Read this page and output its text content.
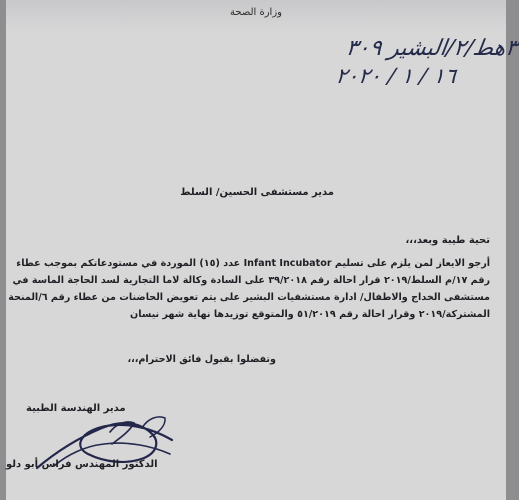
وزارة الصحة
٣هط/٢/البشير ٣٠٩
١٦ / ١ / ٢٠٢٠
مدير مستشفى الحسين/ السلط
تحية طيبة وبعد،،،
أرجو الايعاز لمن يلزم على تسليم Infant Incubator عدد (١٥) الموردة في مستودعاتكم بموجب عطاء
رقم ١٧/م السلط/٢٠١٩ قرار احالة رقم ٣٩/٢٠١٨ على السادة وكالة لاما التجارية لسد الحاجة الماسة في
مستشفى الخداج والاطفال/ ادارة مستشفيات البشير على يتم تعويض الحاضنات من عطاء رقم ٦/المنحة
المشتركة/٢٠١٩ وقرار احالة رقم ٥١/٢٠١٩ والمتوقع توزيدها نهاية شهر نيسان
وتفضلوا بقبول فائق الاحترام،،،
مدير الهندسة الطبية
الدكتور المهندس فراس أبو دلو
